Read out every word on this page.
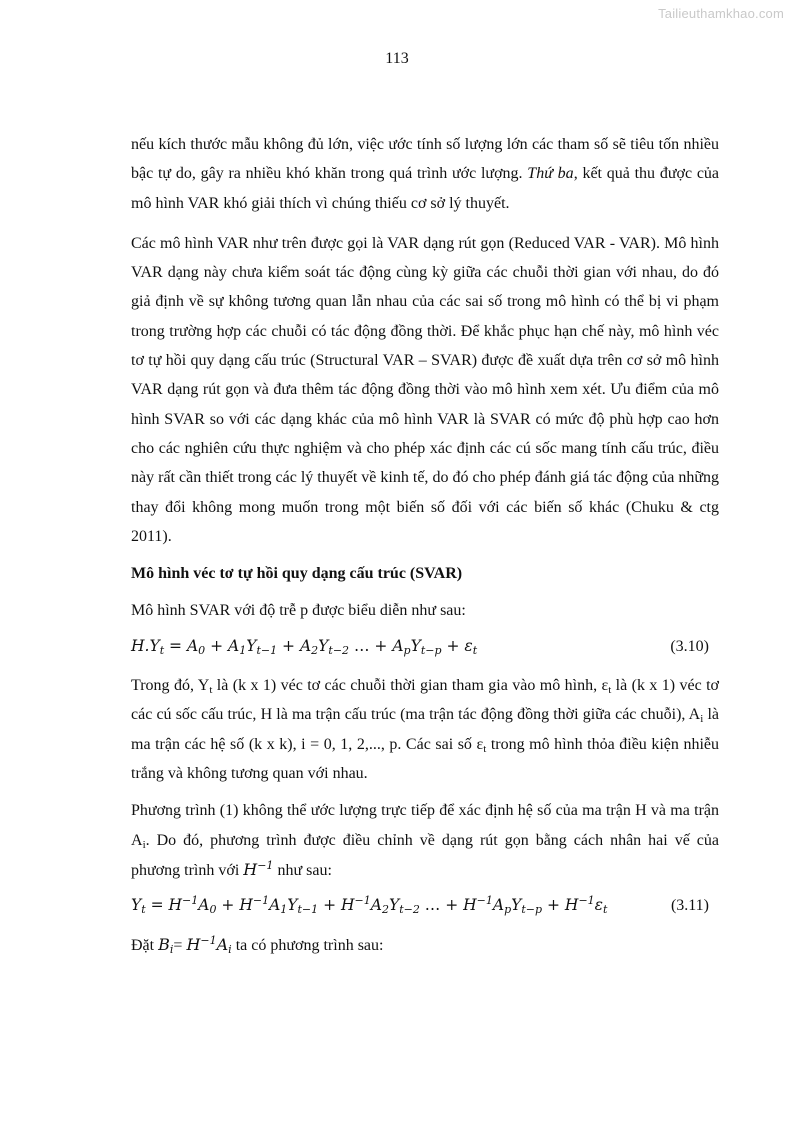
Tailieuthamkhao.com
113

nếu kích thước mẫu không đủ lớn, việc ước tính số lượng lớn các tham số sẽ tiêu tốn nhiều bậc tự do, gây ra nhiều khó khăn trong quá trình ước lượng. Thứ ba, kết quả thu được của mô hình VAR khó giải thích vì chúng thiếu cơ sở lý thuyết.

Các mô hình VAR như trên được gọi là VAR dạng rút gọn (Reduced VAR - VAR). Mô hình VAR dạng này chưa kiểm soát tác động cùng kỳ giữa các chuỗi thời gian với nhau, do đó giả định về sự không tương quan lẫn nhau của các sai số trong mô hình có thể bị vi phạm trong trường hợp các chuỗi có tác động đồng thời. Để khắc phục hạn chế này, mô hình véc tơ tự hồi quy dạng cấu trúc (Structural VAR – SVAR) được đề xuất dựa trên cơ sở mô hình VAR dạng rút gọn và đưa thêm tác động đồng thời vào mô hình xem xét. Ưu điểm của mô hình SVAR so với các dạng khác của mô hình VAR là SVAR có mức độ phù hợp cao hơn cho các nghiên cứu thực nghiệm và cho phép xác định các cú sốc mang tính cấu trúc, điều này rất cần thiết trong các lý thuyết về kinh tế, do đó cho phép đánh giá tác động của những thay đổi không mong muốn trong một biến số đối với các biến số khác (Chuku & ctg 2011).

Mô hình véc tơ tự hồi quy dạng cấu trúc (SVAR)

Mô hình SVAR với độ trễ p được biểu diễn như sau:

$H.Y_t = A_0 + A_1Y_{t-1} + A_2Y_{t-2}$ … + $A_pY_{t-p} + \varepsilon_t$	(3.10)

Trong đó, $Y_t$ là (k x 1) véc tơ các chuỗi thời gian tham gia vào mô hình, $\varepsilon_t$ là (k x 1) véc tơ các cú sốc cấu trúc, H là ma trận cấu trúc (ma trận tác động đồng thời giữa các chuỗi), $A_i$ là ma trận các hệ số (k x k), i = 0, 1, 2,..., p. Các sai số $\varepsilon_t$ trong mô hình thỏa điều kiện nhiễu trắng và không tương quan với nhau.

Phương trình (1) không thể ước lượng trực tiếp để xác định hệ số của ma trận H và ma trận $A_i$. Do đó, phương trình được điều chỉnh về dạng rút gọn bằng cách nhân hai vế của phương trình với $H^{-1}$ như sau:

$Y_t = H^{-1}A_0 + H^{-1}A_1Y_{t-1} + H^{-1}A_2Y_{t-2}$ … + $H^{-1}A_pY_{t-p} + H^{-1}\varepsilon_t$	(3.11)

Đặt $B_i= H^{-1}A_i$ ta có phương trình sau:
